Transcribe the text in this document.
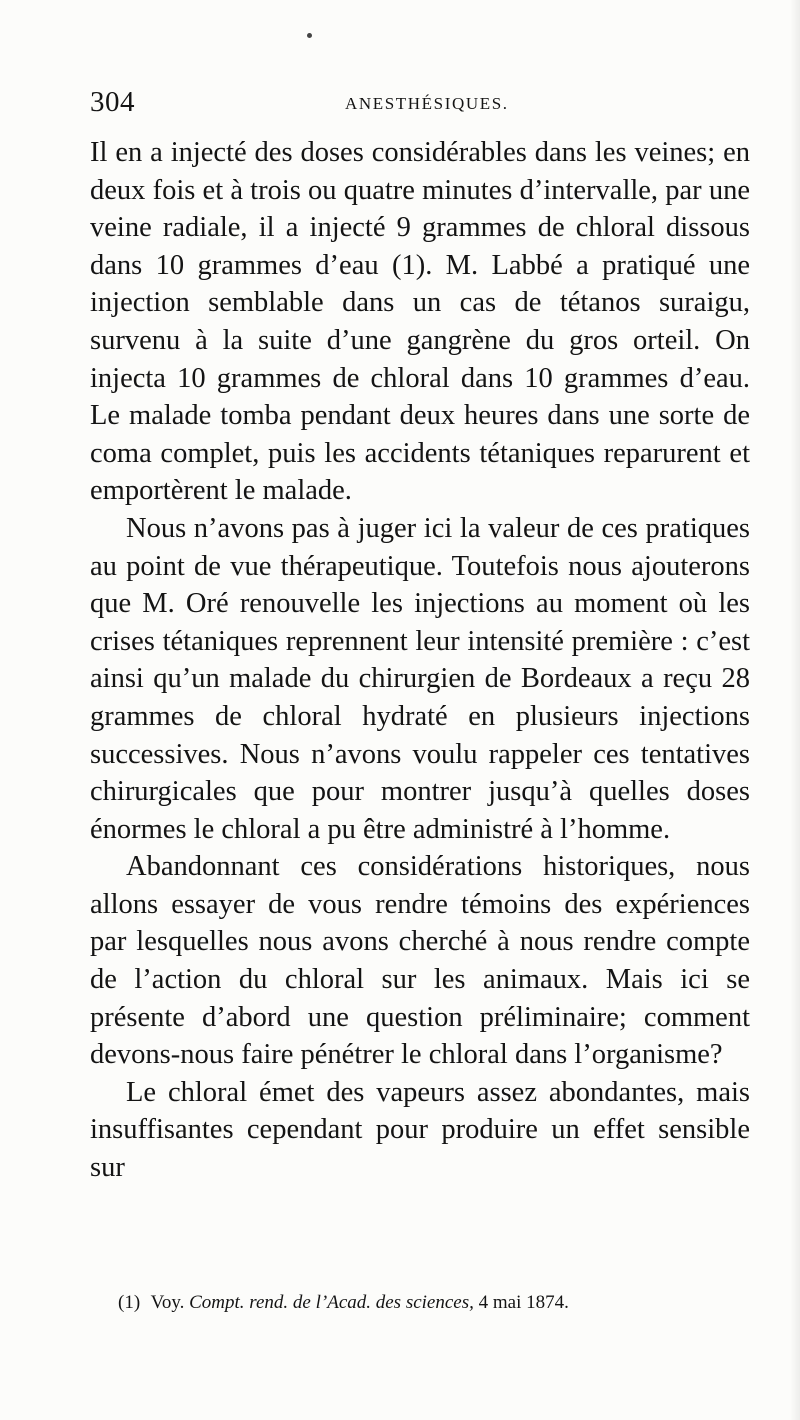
304	ANESTHÉSIQUES.

Il en a injecté des doses considérables dans les veines; en deux fois et à trois ou quatre minutes d’intervalle, par une veine radiale, il a injecté 9 grammes de chloral dissous dans 10 grammes d’eau (1). M. Labbé a pratiqué une injection semblable dans un cas de tétanos suraigu, survenu à la suite d’une gangrène du gros orteil. On injecta 10 grammes de chloral dans 10 grammes d’eau. Le malade tomba pendant deux heures dans une sorte de coma complet, puis les accidents tétaniques reparurent et emportèrent le malade.

Nous n’avons pas à juger ici la valeur de ces pratiques au point de vue thérapeutique. Toutefois nous ajouterons que M. Oré renouvelle les injections au moment où les crises tétaniques reprennent leur intensité première : c’est ainsi qu’un malade du chirurgien de Bordeaux a reçu 28 grammes de chloral hydraté en plusieurs injections successives. Nous n’avons voulu rappeler ces tentatives chirurgicales que pour montrer jusqu’à quelles doses énormes le chloral a pu être administré à l’homme.

Abandonnant ces considérations historiques, nous allons essayer de vous rendre témoins des expériences par lesquelles nous avons cherché à nous rendre compte de l’action du chloral sur les animaux. Mais ici se présente d’abord une question préliminaire; comment devons-nous faire pénétrer le chloral dans l’organisme?

Le chloral émet des vapeurs assez abondantes, mais insuffisantes cependant pour produire un effet sensible sur

(1) Voy. Compt. rend. de l’Acad. des sciences, 4 mai 1874.
